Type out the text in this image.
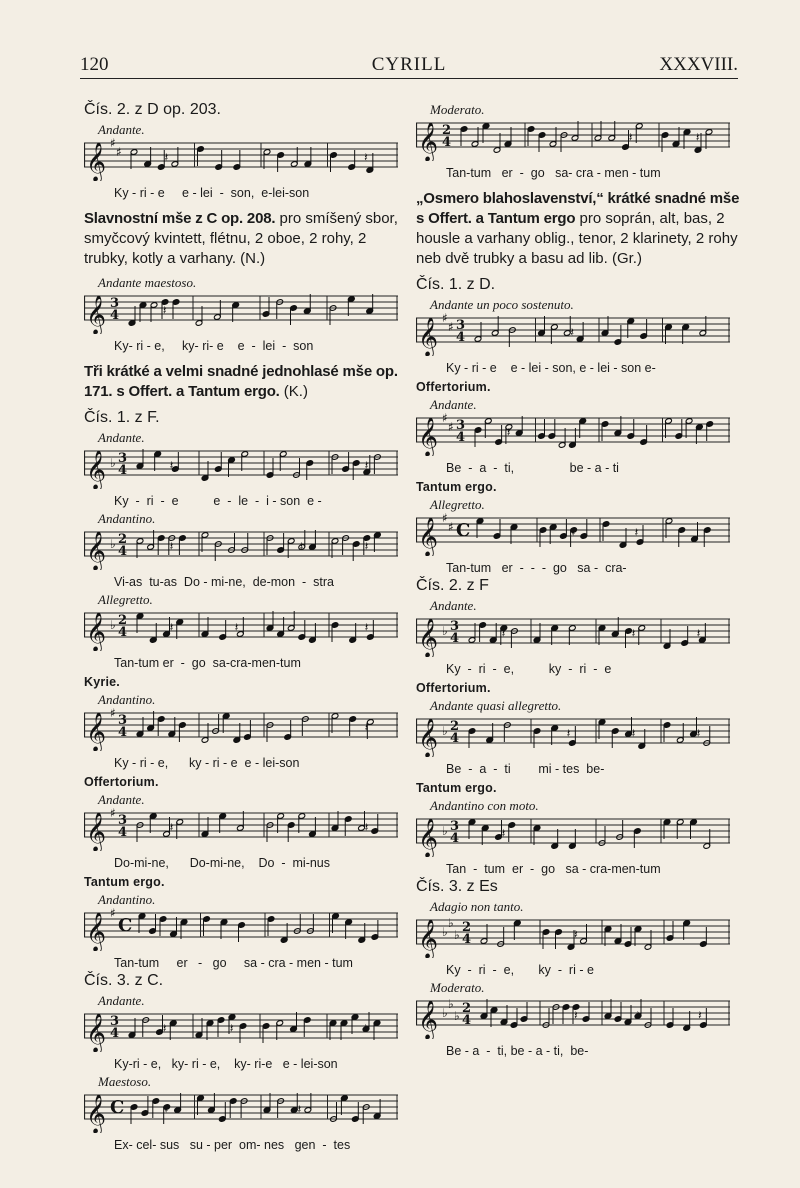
120	CYRILL	XXXVIII.
Čís. 2. z D op. 203.
Andante.
𝄞 ♯
♯	𝄽	𝄽
Ky - ri - e     e - lei  -  son,  e-lei-son
Slavnostní mše z C op. 208. pro smíšený sbor, smyčcový kvintett, flétnu, 2 oboe, 2 rohy, 2 trubky, kotly a varhany. (N.)
Andante maestoso.
𝄞 3
4	𝄽
Ky- ri - e,     ky- ri- e    e  -  lei  -  son
Tři krátké a velmi snadné jednohlasé mše op. 171. s Offert. a Tantum ergo. (K.)
Čís. 1. z F.
Andante.
𝄞 ♭ 3
4	𝄽	𝄽
Ky  -  ri  -  e          e  -  le  -  i - son  e -
Andantino.
𝄞 ♭ 2
4	𝄽	𝄽	𝄽
Vi-as  tu-as  Do - mi-ne,  de-mon  -  stra
Allegretto.
𝄞 ♭ 2
4	𝄽	𝄽	𝄽
Tan-tum er  -  go  sa-cra-men-tum
Kyrie.
Andantino.
𝄞 ♯ 3
4	𝄽
Ky - ri - e,      ky - ri - e  e - lei-son
Offertorium.
Andante.
𝄞 ♯ 3
4	𝄽	𝄽
Do-mi-ne,      Do-mi-ne,    Do  -  mi-nus
Tantum ergo.
Andantino.
𝄞 ♯
C
Tan-tum     er   -   go     sa - cra - men - tum
Čís. 3. z C.
Andante.
𝄞 3
4	𝄽	𝄽	𝄽
Ky-ri - e,   ky- ri - e,    ky- ri-e   e - lei-son
Maestoso.
𝄞 C	𝄽	𝄽
Ex- cel- sus   su - per  om- nes   gen  -  tes
Moderato.
𝄞 2
4	𝄽	𝄽
Tan-tum   er  -  go   sa- cra - men - tum
„Osmero blahoslavenství,“ krátké snadné mše s Offert. a Tantum ergo pro soprán, alt, bas, 2 housle a varhany oblig., tenor, 2 klarinety, 2 rohy neb dvě trubky a basu ad lib. (Gr.)
Čís. 1. z D.
Andante un poco sostenuto.
𝄞 ♯
♯ 3
4	𝄽
Ky - ri - e    e - lei - son, e - lei - son e-
Offertorium.
Andante.
𝄞 ♯
♯ 3
4	𝄽
Be  -  a  -  ti,                be - a - ti
Tantum ergo.
Allegretto.
𝄞 ♯
♯ C	𝄽	𝄽
Tan-tum   er  -  -  -  go   sa -  cra-
Čís. 2. z F
Andante.
𝄞 ♭ 3
4	𝄽	𝄽	𝄽
Ky  -  ri  -  e,          ky  -  ri  -  e
Offertorium.
Andante quasi allegretto.
𝄞 ♭ 2
4	𝄽	𝄽	𝄽
Be  -  a  -  ti        mi - tes  be-
Tantum ergo.
Andantino con moto.
𝄞 ♭ 3
4	𝄽
Tan  -  tum  er  -  go   sa - cra-men-tum
Čís. 3. z Es
Adagio non tanto.
𝄞 ♭
♭
♭ 2
4	𝄽
Ky  -  ri  -  e,       ky  -  ri - e
Moderato.
𝄞 ♭
♭
♭ 2
4	𝄽	𝄽	𝄽
Be - a  -  ti, be - a - ti,  be-
